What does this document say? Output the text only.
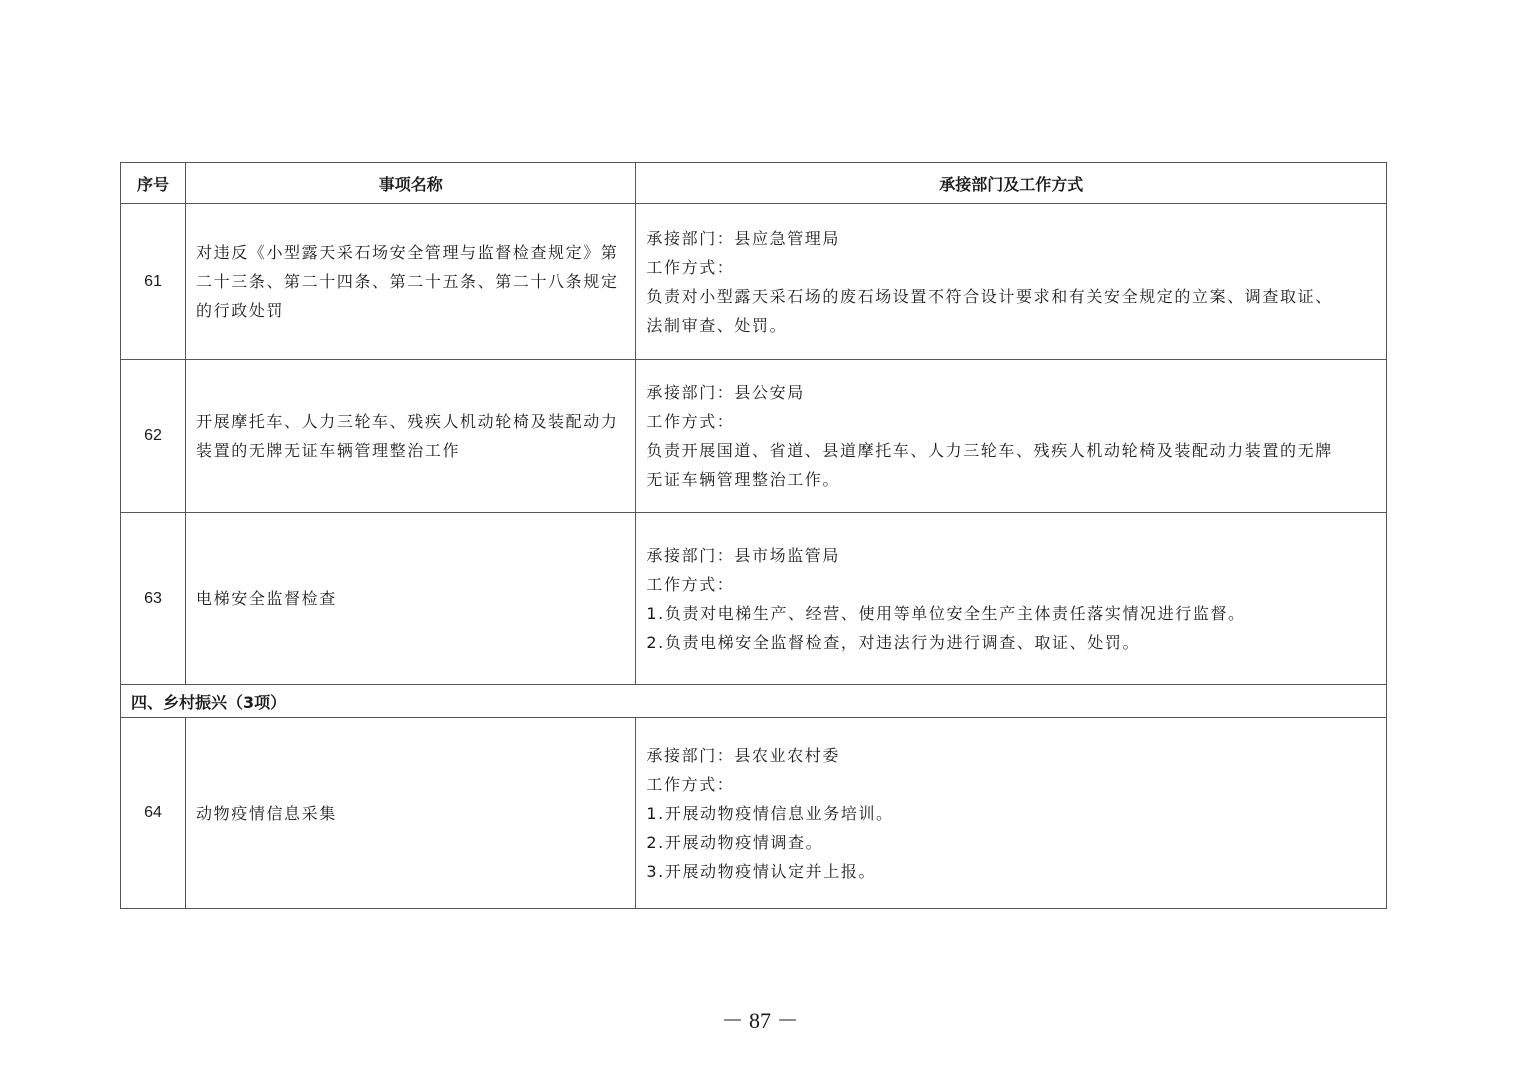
序号	事项名称	承接部门及工作方式
61	对违反《小型露天采石场安全管理与监督检查规定》第二十三条、第二十四条、第二十五条、第二十八条规定的行政处罚	承接部门：县应急管理局
工作方式：
负责对小型露天采石场的废石场设置不符合设计要求和有关安全规定的立案、调查取证、
法制审查、处罚。

62	开展摩托车、人力三轮车、残疾人机动轮椅及装配动力装置的无牌无证车辆管理整治工作	承接部门：县公安局
工作方式：
负责开展国道、省道、县道摩托车、人力三轮车、残疾人机动轮椅及装配动力装置的无牌
无证车辆管理整治工作。

63	电梯安全监督检查	承接部门：县市场监管局
工作方式：
1.负责对电梯生产、经营、使用等单位安全生产主体责任落实情况进行监督。
2.负责电梯安全监督检查，对违法行为进行调查、取证、处罚。

四、乡村振兴（3项）		
64	动物疫情信息采集	承接部门：县农业农村委
工作方式：
1.开展动物疫情信息业务培训。
2.开展动物疫情调查。
3.开展动物疫情认定并上报。
－ 87 －
